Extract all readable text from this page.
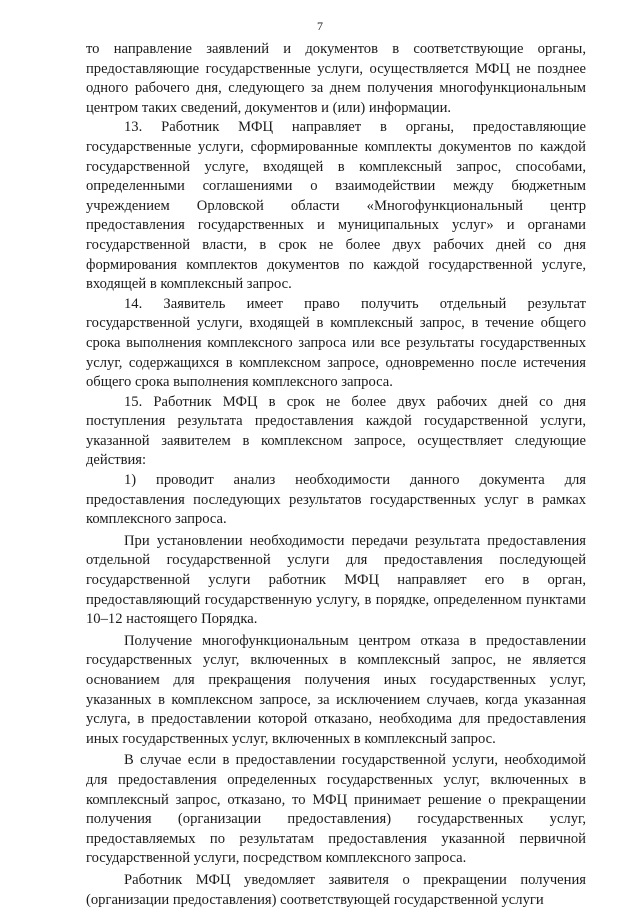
7

то направление заявлений и документов в соответствующие органы, предоставляющие государственные услуги, осуществляется МФЦ не позднее одного рабочего дня, следующего за днем получения многофункциональным центром таких сведений, документов и (или) информации.

13. Работник МФЦ направляет в органы, предоставляющие государственные услуги, сформированные комплекты документов по каждой государственной услуге, входящей в комплексный запрос, способами, определенными соглашениями о взаимодействии между бюджетным учреждением Орловской области «Многофункциональный центр предоставления государственных и муниципальных услуг» и органами государственной власти, в срок не более двух рабочих дней со дня формирования комплектов документов по каждой государственной услуге, входящей в комплексный запрос.

14. Заявитель имеет право получить отдельный результат государственной услуги, входящей в комплексный запрос, в течение общего срока выполнения комплексного запроса или все результаты государственных услуг, содержащихся в комплексном запросе, одновременно после истечения общего срока выполнения комплексного запроса.

15. Работник МФЦ в срок не более двух рабочих дней со дня поступления результата предоставления каждой государственной услуги, указанной заявителем в комплексном запросе, осуществляет следующие действия:

1) проводит анализ необходимости данного документа для предоставления последующих результатов государственных услуг в рамках комплексного запроса.

При установлении необходимости передачи результата предоставления отдельной государственной услуги для предоставления последующей государственной услуги работник МФЦ направляет его в орган, предоставляющий государственную услугу, в порядке, определенном пунктами 10–12 настоящего Порядка.

Получение многофункциональным центром отказа в предоставлении государственных услуг, включенных в комплексный запрос, не является основанием для прекращения получения иных государственных услуг, указанных в комплексном запросе, за исключением случаев, когда указанная услуга, в предоставлении которой отказано, необходима для предоставления иных государственных услуг, включенных в комплексный запрос.

В случае если в предоставлении государственной услуги, необходимой для предоставления определенных государственных услуг, включенных в комплексный запрос, отказано, то МФЦ принимает решение о прекращении получения (организации предоставления) государственных услуг, предоставляемых по результатам предоставления указанной первичной государственной услуги, посредством комплексного запроса.

Работник МФЦ уведомляет заявителя о прекращении получения (организации предоставления) соответствующей государственной услуги
